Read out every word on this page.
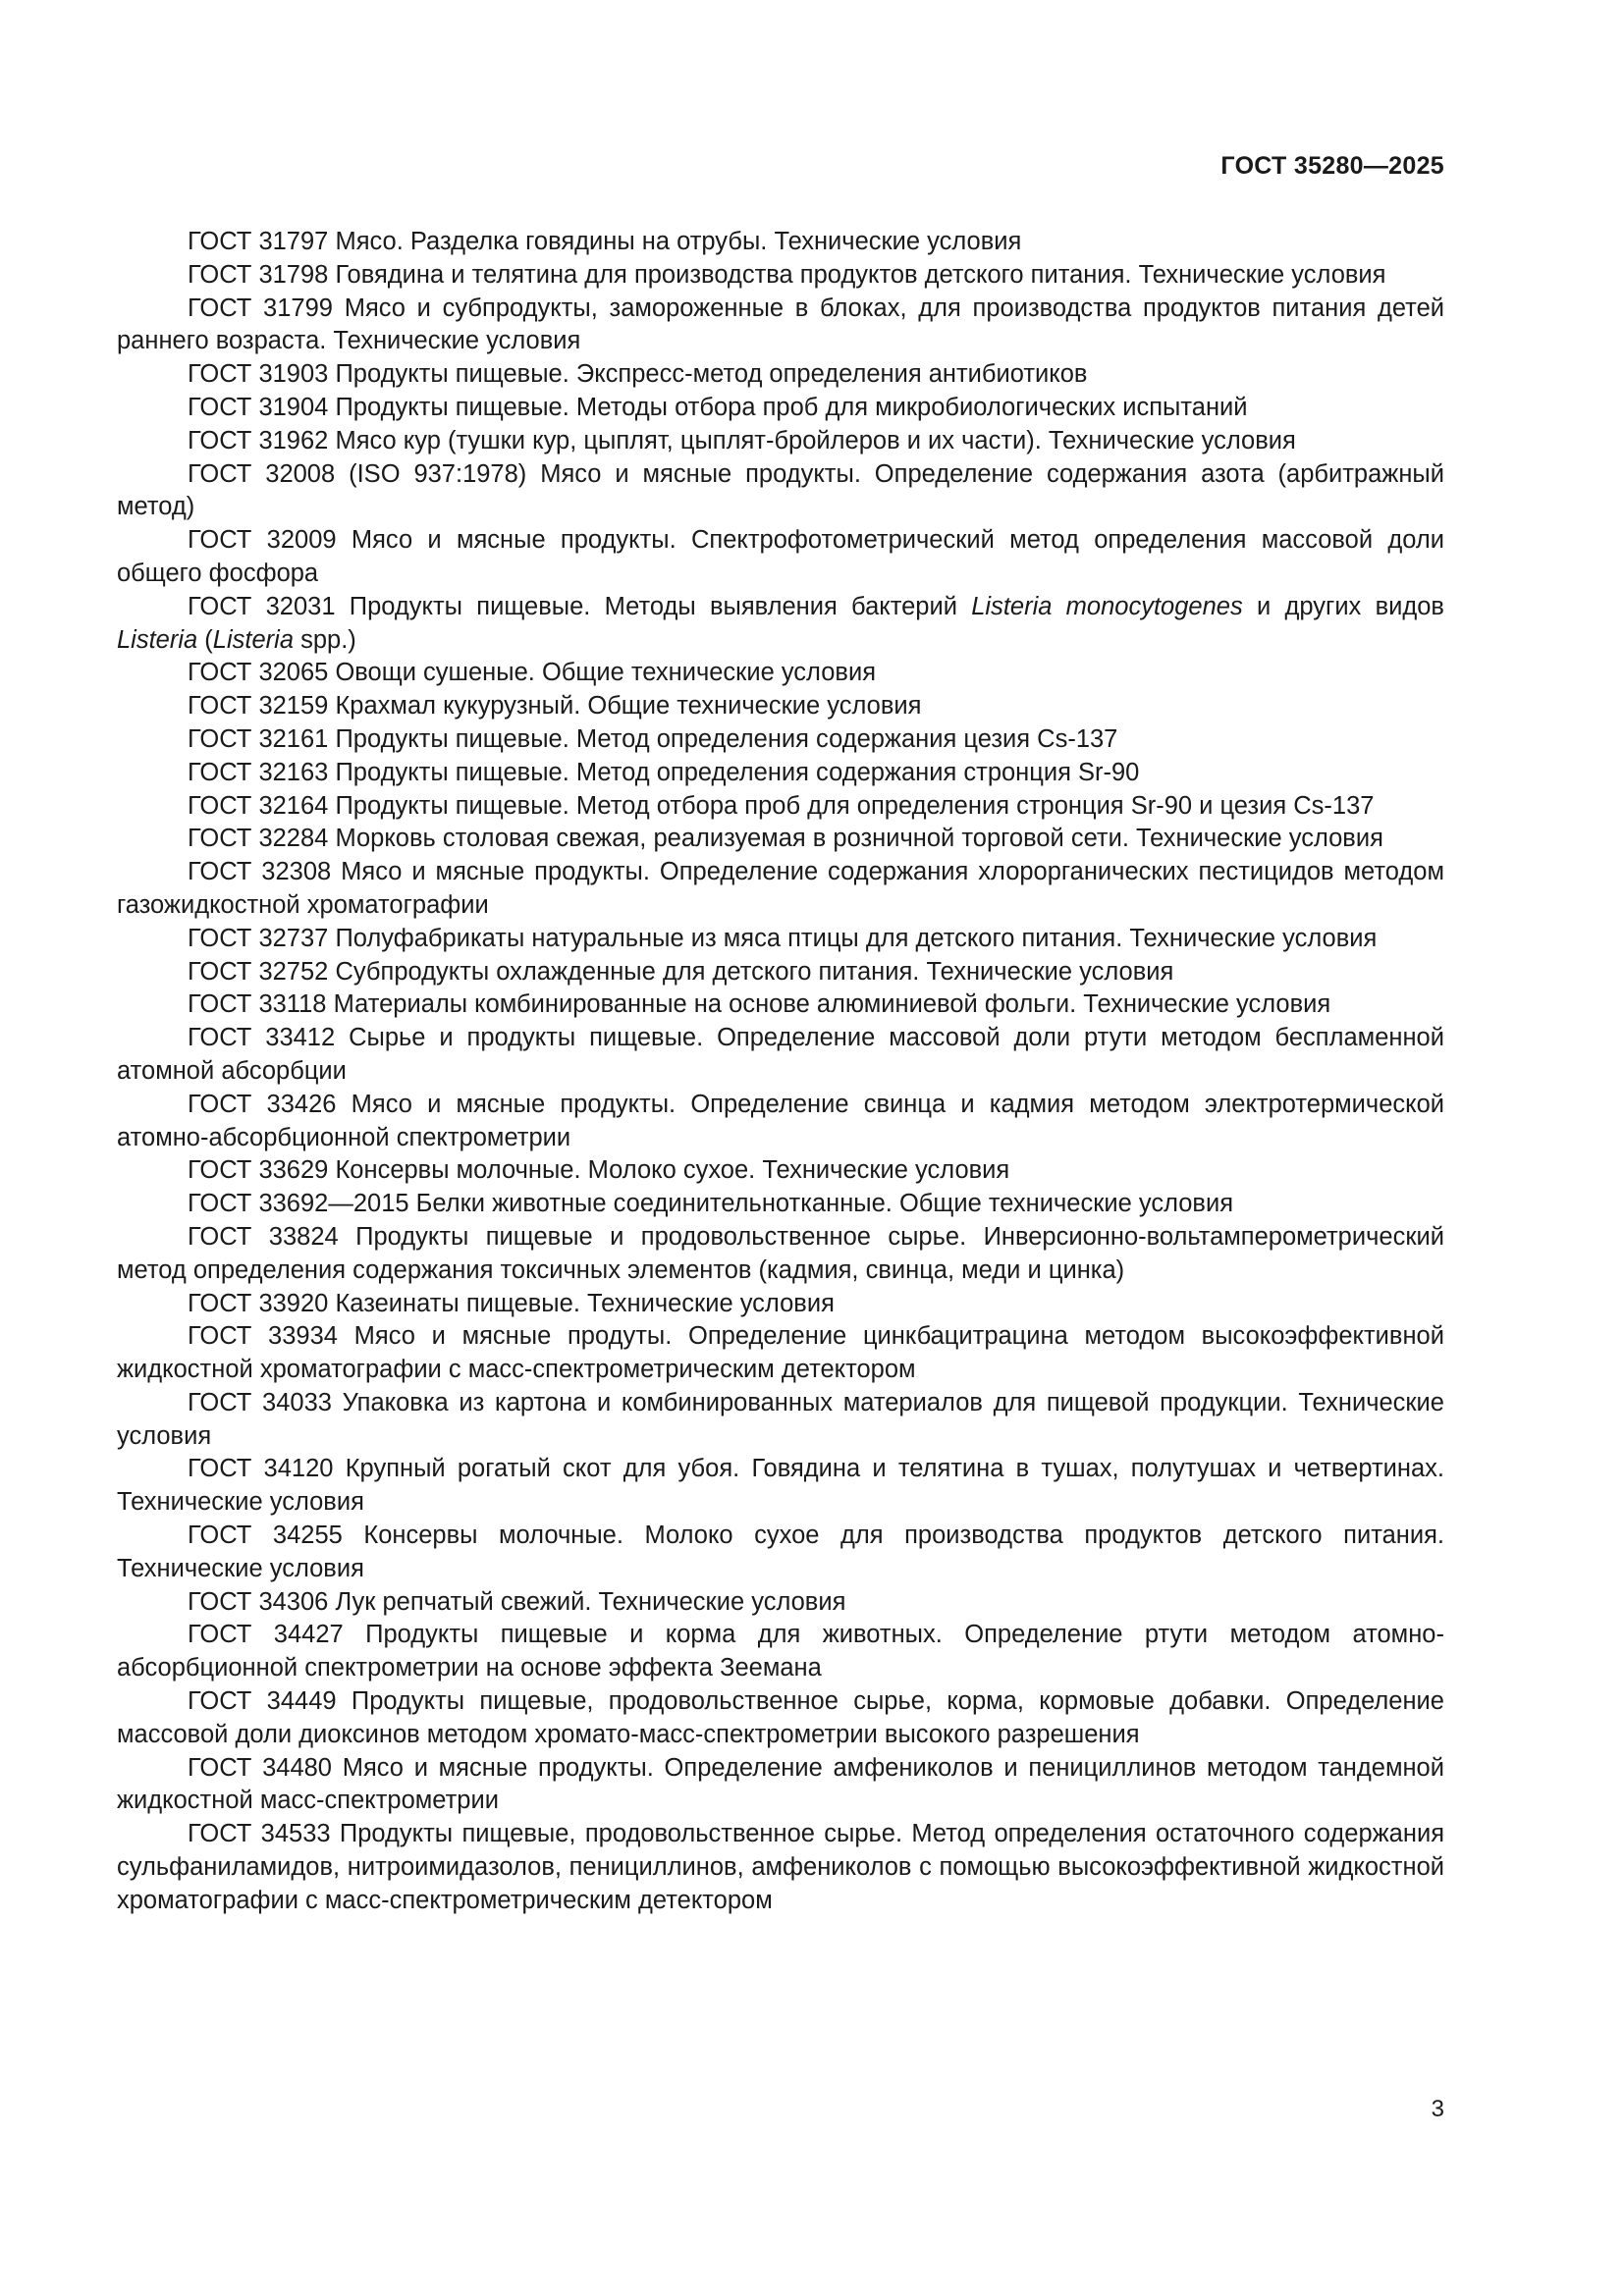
ГОСТ 35280—2025
ГОСТ 31797 Мясо. Разделка говядины на отрубы. Технические условия
ГОСТ 31798 Говядина и телятина для производства продуктов детского питания. Технические условия
ГОСТ 31799 Мясо и субпродукты, замороженные в блоках, для производства продуктов питания детей раннего возраста. Технические условия
ГОСТ 31903 Продукты пищевые. Экспресс-метод определения антибиотиков
ГОСТ 31904 Продукты пищевые. Методы отбора проб для микробиологических испытаний
ГОСТ 31962 Мясо кур (тушки кур, цыплят, цыплят-бройлеров и их части). Технические условия
ГОСТ 32008 (ISO 937:1978) Мясо и мясные продукты. Определение содержания азота (арбитражный метод)
ГОСТ 32009 Мясо и мясные продукты. Спектрофотометрический метод определения массовой доли общего фосфора
ГОСТ 32031 Продукты пищевые. Методы выявления бактерий Listeria monocytogenes и других видов Listeria (Listeria spp.)
ГОСТ 32065 Овощи сушеные. Общие технические условия
ГОСТ 32159 Крахмал кукурузный. Общие технические условия
ГОСТ 32161 Продукты пищевые. Метод определения содержания цезия Cs-137
ГОСТ 32163 Продукты пищевые. Метод определения содержания стронция Sr-90
ГОСТ 32164 Продукты пищевые. Метод отбора проб для определения стронция Sr-90 и цезия Cs-137
ГОСТ 32284 Морковь столовая свежая, реализуемая в розничной торговой сети. Технические условия
ГОСТ 32308 Мясо и мясные продукты. Определение содержания хлорорганических пестицидов методом газожидкостной хроматографии
ГОСТ 32737 Полуфабрикаты натуральные из мяса птицы для детского питания. Технические условия
ГОСТ 32752 Субпродукты охлажденные для детского питания. Технические условия
ГОСТ 33118 Материалы комбинированные на основе алюминиевой фольги. Технические условия
ГОСТ 33412 Сырье и продукты пищевые. Определение массовой доли ртути методом беспламенной атомной абсорбции
ГОСТ 33426 Мясо и мясные продукты. Определение свинца и кадмия методом электротермической атомно-абсорбционной спектрометрии
ГОСТ 33629 Консервы молочные. Молоко сухое. Технические условия
ГОСТ 33692—2015 Белки животные соединительнотканные. Общие технические условия
ГОСТ 33824 Продукты пищевые и продовольственное сырье. Инверсионно-вольтамперометрический метод определения содержания токсичных элементов (кадмия, свинца, меди и цинка)
ГОСТ 33920 Казеинаты пищевые. Технические условия
ГОСТ 33934 Мясо и мясные продуты. Определение цинкбацитрацина методом высокоэффективной жидкостной хроматографии с масс-спектрометрическим детектором
ГОСТ 34033 Упаковка из картона и комбинированных материалов для пищевой продукции. Технические условия
ГОСТ 34120 Крупный рогатый скот для убоя. Говядина и телятина в тушах, полутушах и четвертинах. Технические условия
ГОСТ 34255 Консервы молочные. Молоко сухое для производства продуктов детского питания. Технические условия
ГОСТ 34306 Лук репчатый свежий. Технические условия
ГОСТ 34427 Продукты пищевые и корма для животных. Определение ртути методом атомно-абсорбционной спектрометрии на основе эффекта Зеемана
ГОСТ 34449 Продукты пищевые, продовольственное сырье, корма, кормовые добавки. Определение массовой доли диоксинов методом хромато-масс-спектрометрии высокого разрешения
ГОСТ 34480 Мясо и мясные продукты. Определение амфениколов и пенициллинов методом тандемной жидкостной масс-спектрометрии
ГОСТ 34533 Продукты пищевые, продовольственное сырье. Метод определения остаточного содержания сульфаниламидов, нитроимидазолов, пенициллинов, амфениколов с помощью высокоэффективной жидкостной хроматографии с масс-спектрометрическим детектором
3
